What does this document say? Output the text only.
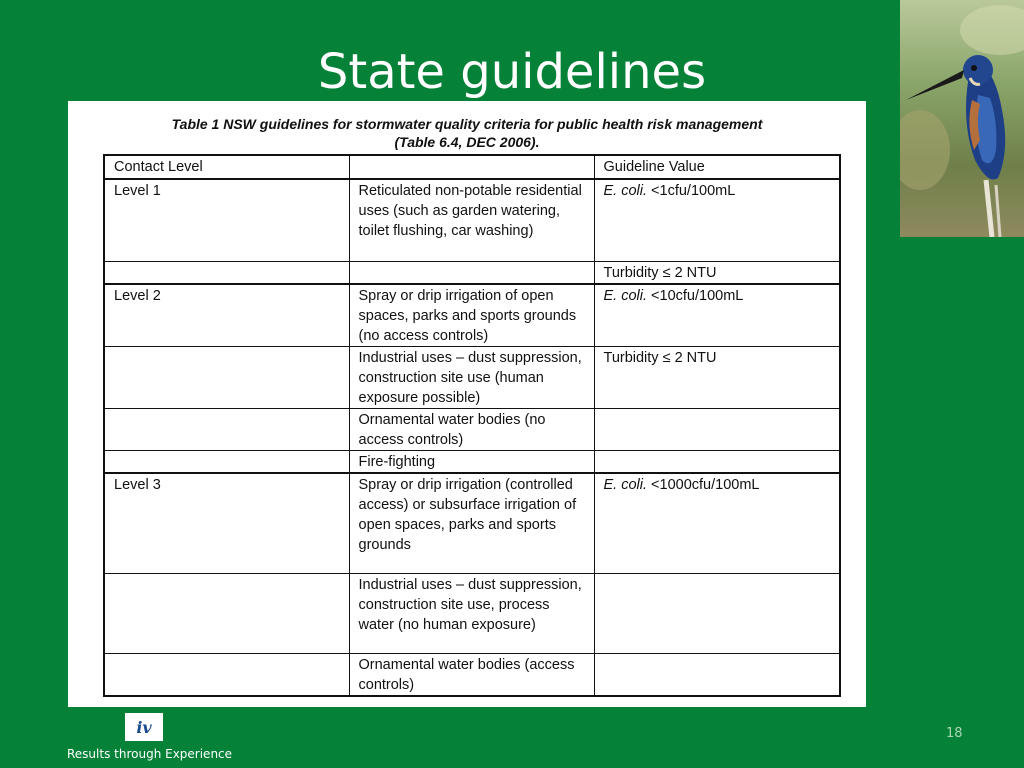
State guidelines
Table 1 NSW guidelines for stormwater quality criteria for public health risk management
(Table 6.4, DEC 2006).
Contact Level		Guideline Value
Level 1	Reticulated non-potable residential uses (such as garden watering, toilet flushing, car washing)	E. coli. <1cfu/100mL
		Turbidity ≤ 2 NTU
Level 2	Spray or drip irrigation of open spaces, parks and sports grounds (no access controls)	E. coli. <10cfu/100mL
	Industrial uses – dust suppression, construction site use (human exposure possible)	Turbidity ≤ 2 NTU
	Ornamental water bodies (no access controls)	
	Fire-fighting	
Level 3	Spray or drip irrigation (controlled access) or subsurface irrigation of open spaces, parks and sports grounds	E. coli. <1000cfu/100mL
	Industrial uses – dust suppression, construction site use, process water (no human exposure)	
	Ornamental water bodies (access controls)	
iv
Results through Experience
18
